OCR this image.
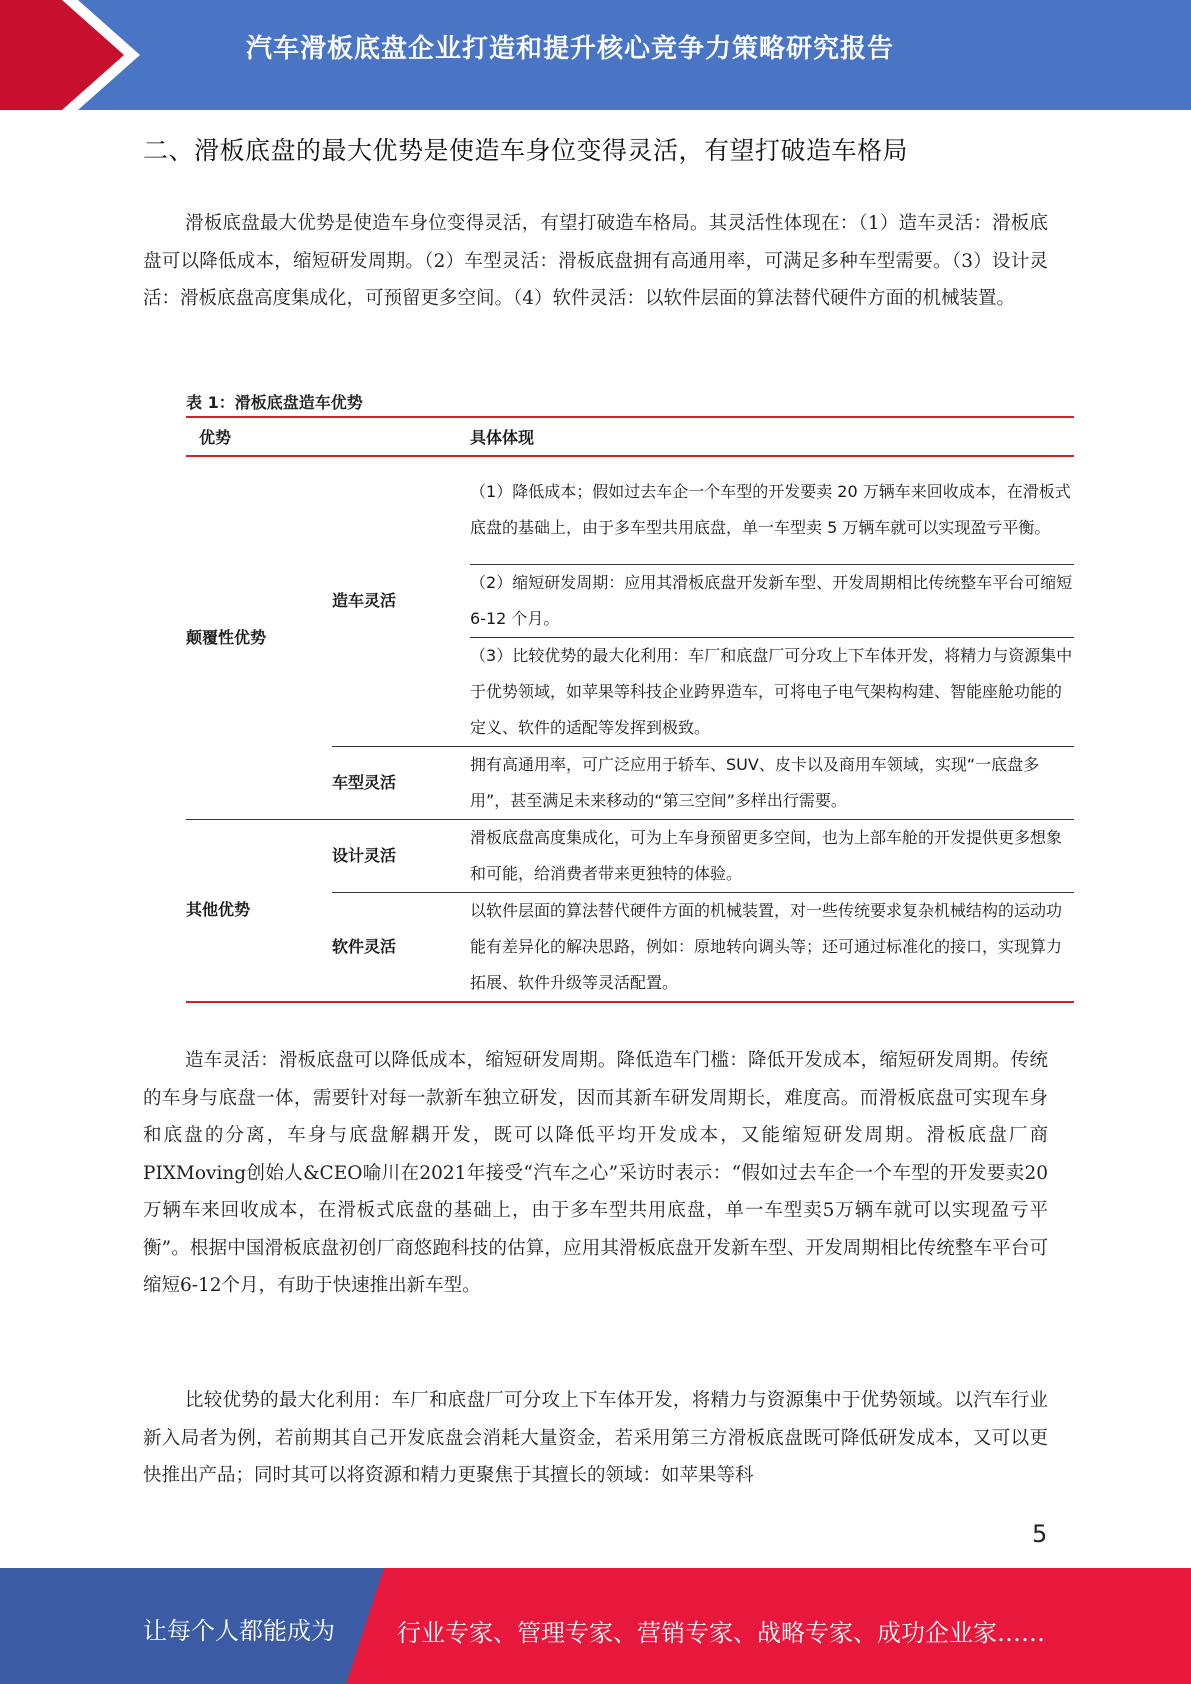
汽车滑板底盘企业打造和提升核心竞争力策略研究报告
二、滑板底盘的最大优势是使造车身位变得灵活，有望打破造车格局
滑板底盘最大优势是使造车身位变得灵活，有望打破造车格局。其灵活性体现在：（1）造车灵活：滑板底盘可以降低成本，缩短研发周期。（2）车型灵活：滑板底盘拥有高通用率，可满足多种车型需要。（3）设计灵活：滑板底盘高度集成化，可预留更多空间。（4）软件灵活：以软件层面的算法替代硬件方面的机械装置。
表 1：滑板底盘造车优势
优势		具体体现
颠覆性优势	造车灵活	（1）降低成本；假如过去车企一个车型的开发要卖 20 万辆车来回收成本，在滑板式底盘的基础上，由于多车型共用底盘，单一车型卖 5 万辆车就可以实现盈亏平衡。
		（2）缩短研发周期：应用其滑板底盘开发新车型、开发周期相比传统整车平台可缩短 6-12 个月。
		（3）比较优势的最大化利用：车厂和底盘厂可分攻上下车体开发，将精力与资源集中于优势领域，如苹果等科技企业跨界造车，可将电子电气架构构建、智能座舱功能的定义、软件的适配等发挥到极致。
	车型灵活	拥有高通用率，可广泛应用于轿车、SUV、皮卡以及商用车领域，实现“一底盘多用”，甚至满足未来移动的“第三空间”多样出行需要。
其他优势	设计灵活	滑板底盘高度集成化，可为上车身预留更多空间，也为上部车舱的开发提供更多想象和可能，给消费者带来更独特的体验。
	软件灵活	以软件层面的算法替代硬件方面的机械装置，对一些传统要求复杂机械结构的运动功能有差异化的解决思路，例如：原地转向调头等；还可通过标准化的接口，实现算力拓展、软件升级等灵活配置。
造车灵活：滑板底盘可以降低成本，缩短研发周期。降低造车门槛：降低开发成本，缩短研发周期。传统的车身与底盘一体，需要针对每一款新车独立研发，因而其新车研发周期长，难度高。而滑板底盘可实现车身和底盘的分离，车身与底盘解耦开发，既可以降低平均开发成本，又能缩短研发周期。滑板底盘厂商PIXMoving创始人&CEO喻川在2021年接受“汽车之心”采访时表示：“假如过去车企一个车型的开发要卖20万辆车来回收成本，在滑板式底盘的基础上，由于多车型共用底盘，单一车型卖5万辆车就可以实现盈亏平衡”。根据中国滑板底盘初创厂商悠跑科技的估算，应用其滑板底盘开发新车型、开发周期相比传统整车平台可缩短6-12个月，有助于快速推出新车型。
比较优势的最大化利用：车厂和底盘厂可分攻上下车体开发，将精力与资源集中于优势领域。以汽车行业新入局者为例，若前期其自己开发底盘会消耗大量资金，若采用第三方滑板底盘既可降低研发成本，又可以更快推出产品；同时其可以将资源和精力更聚焦于其擅长的领域：如苹果等科
5
让每个人都能成为	行业专家、管理专家、营销专家、战略专家、成功企业家……
